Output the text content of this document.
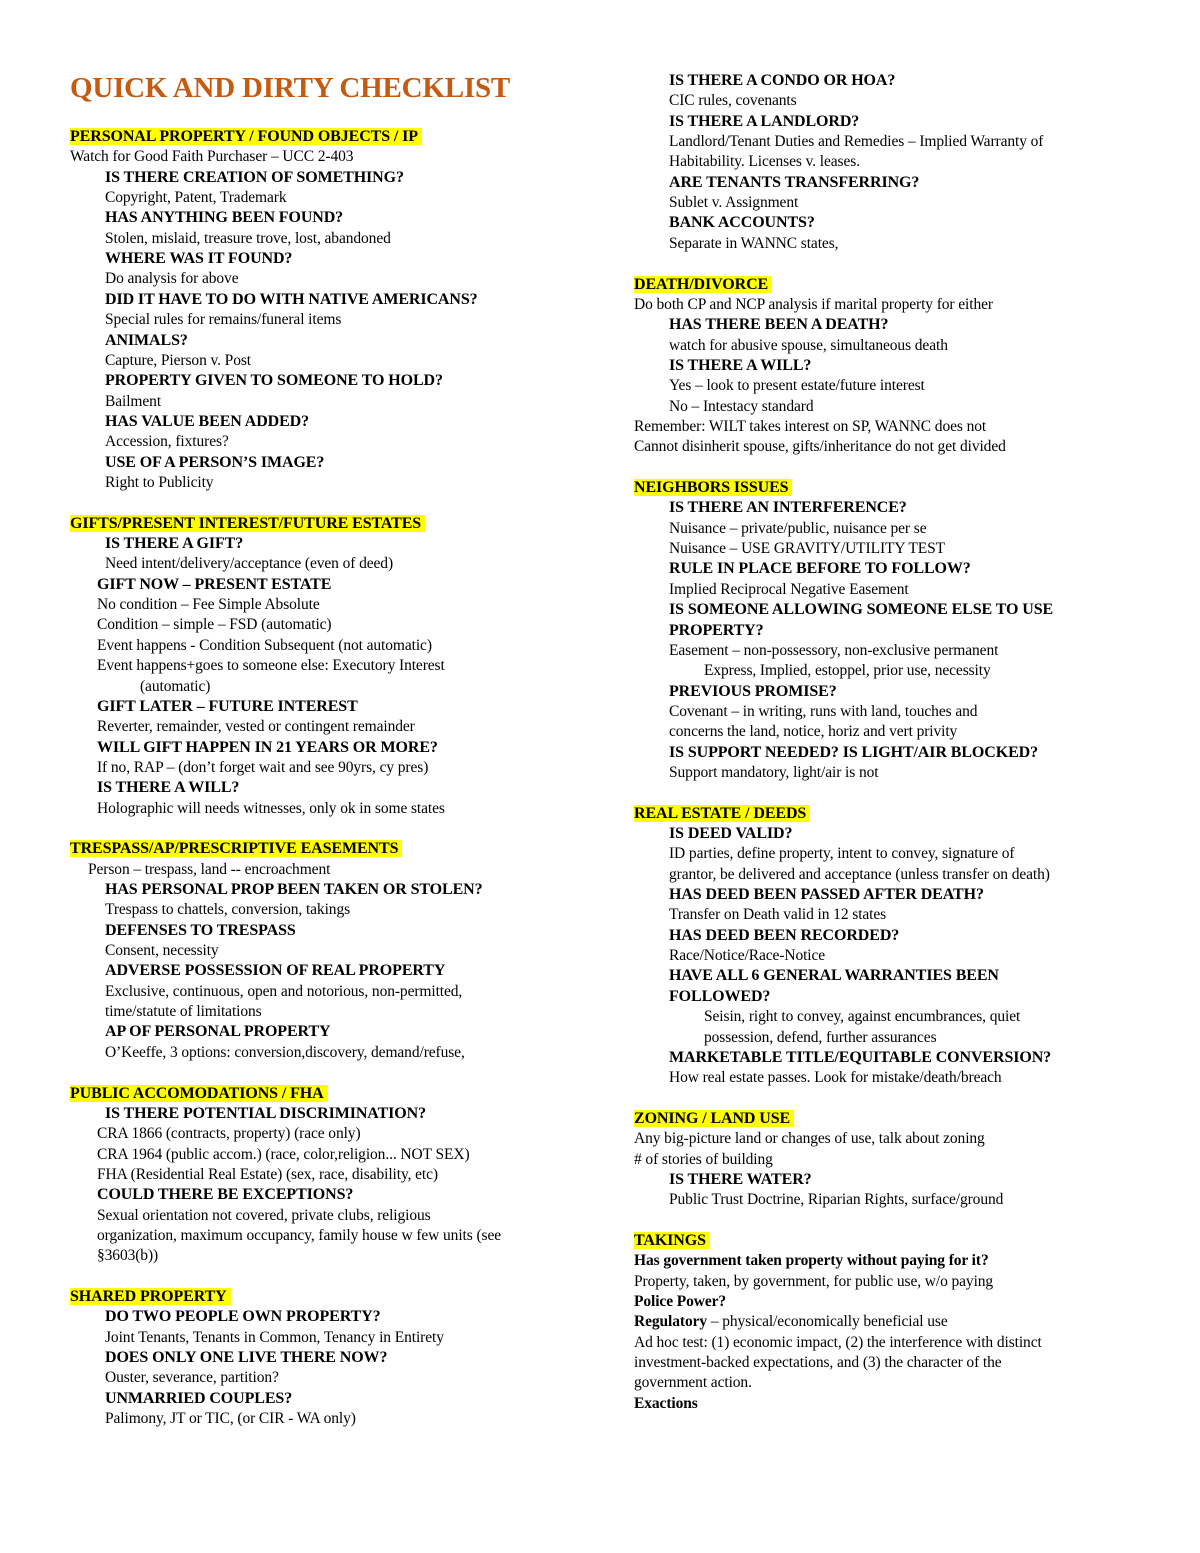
QUICK AND DIRTY CHECKLIST
PERSONAL PROPERTY / FOUND OBJECTS / IP
Watch for Good Faith Purchaser – UCC 2-403
IS THERE CREATION OF SOMETHING?
Copyright, Patent, Trademark
HAS ANYTHING BEEN FOUND?
Stolen, mislaid, treasure trove, lost, abandoned
WHERE WAS IT FOUND?
Do analysis for above
DID IT HAVE TO DO WITH NATIVE AMERICANS?
Special rules for remains/funeral items
ANIMALS?
Capture, Pierson v. Post
PROPERTY GIVEN TO SOMEONE TO HOLD?
Bailment
HAS VALUE BEEN ADDED?
Accession, fixtures?
USE OF A PERSON’S IMAGE?
Right to Publicity
GIFTS/PRESENT INTEREST/FUTURE ESTATES
IS THERE A GIFT?
Need intent/delivery/acceptance (even of deed)
GIFT NOW – PRESENT ESTATE
No condition – Fee Simple Absolute
Condition – simple – FSD (automatic)
Event happens - Condition Subsequent (not automatic)
Event happens+goes to someone else: Executory Interest
(automatic)
GIFT LATER – FUTURE INTEREST
Reverter, remainder, vested or contingent remainder
WILL GIFT HAPPEN IN 21 YEARS OR MORE?
If no, RAP – (don’t forget wait and see 90yrs, cy pres)
IS THERE A WILL?
Holographic will needs witnesses, only ok in some states
TRESPASS/AP/PRESCRIPTIVE EASEMENTS
Person – trespass, land -- encroachment
HAS PERSONAL PROP BEEN TAKEN OR STOLEN?
Trespass to chattels, conversion, takings
DEFENSES TO TRESPASS
Consent, necessity
ADVERSE POSSESSION OF REAL PROPERTY
Exclusive, continuous, open and notorious, non-permitted,
time/statute of limitations
AP OF PERSONAL PROPERTY
O’Keeffe, 3 options: conversion,discovery, demand/refuse,
PUBLIC ACCOMODATIONS / FHA
IS THERE POTENTIAL DISCRIMINATION?
CRA 1866 (contracts, property) (race only)
CRA 1964 (public accom.) (race, color,religion... NOT SEX)
FHA (Residential Real Estate) (sex, race, disability, etc)
COULD THERE BE EXCEPTIONS?
Sexual orientation not covered, private clubs, religious
organization, maximum occupancy, family house w few units (see
§3603(b))
SHARED PROPERTY
DO TWO PEOPLE OWN PROPERTY?
Joint Tenants, Tenants in Common, Tenancy in Entirety
DOES ONLY ONE LIVE THERE NOW?
Ouster, severance, partition?
UNMARRIED COUPLES?
Palimony, JT or TIC, (or CIR - WA only)
IS THERE A CONDO OR HOA?
CIC rules, covenants
IS THERE A LANDLORD?
Landlord/Tenant Duties and Remedies – Implied Warranty of
Habitability. Licenses v. leases.
ARE TENANTS TRANSFERRING?
Sublet v. Assignment
BANK ACCOUNTS?
Separate in WANNC states,
DEATH/DIVORCE
Do both CP and NCP analysis if marital property for either
HAS THERE BEEN A DEATH?
watch for abusive spouse, simultaneous death
IS THERE A WILL?
Yes – look to present estate/future interest
No – Intestacy standard
Remember: WILT takes interest on SP, WANNC does not
Cannot disinherit spouse, gifts/inheritance do not get divided
NEIGHBORS ISSUES
IS THERE AN INTERFERENCE?
Nuisance – private/public, nuisance per se
Nuisance – USE GRAVITY/UTILITY TEST
RULE IN PLACE BEFORE TO FOLLOW?
Implied Reciprocal Negative Easement
IS SOMEONE ALLOWING SOMEONE ELSE TO USE
PROPERTY?
Easement – non-possessory, non-exclusive permanent
Express, Implied, estoppel, prior use, necessity
PREVIOUS PROMISE?
Covenant – in writing, runs with land, touches and
concerns the land, notice, horiz and vert privity
IS SUPPORT NEEDED? IS LIGHT/AIR BLOCKED?
Support mandatory, light/air is not
REAL ESTATE / DEEDS
IS DEED VALID?
ID parties, define property, intent to convey, signature of
grantor, be delivered and acceptance (unless transfer on death)
HAS DEED BEEN PASSED AFTER DEATH?
Transfer on Death valid in 12 states
HAS DEED BEEN RECORDED?
Race/Notice/Race-Notice
HAVE ALL 6 GENERAL WARRANTIES BEEN
FOLLOWED?
Seisin, right to convey, against encumbrances, quiet
possession, defend, further assurances
MARKETABLE TITLE/EQUITABLE CONVERSION?
How real estate passes. Look for mistake/death/breach
ZONING / LAND USE
Any big-picture land or changes of use, talk about zoning
# of stories of building
IS THERE WATER?
Public Trust Doctrine, Riparian Rights, surface/ground
TAKINGS
Has government taken property without paying for it?
Property, taken, by government, for public use, w/o paying
Police Power?
Regulatory – physical/economically beneficial use
Ad hoc test: (1) economic impact, (2) the interference with distinct
investment-backed expectations, and (3) the character of the
government action.
Exactions
